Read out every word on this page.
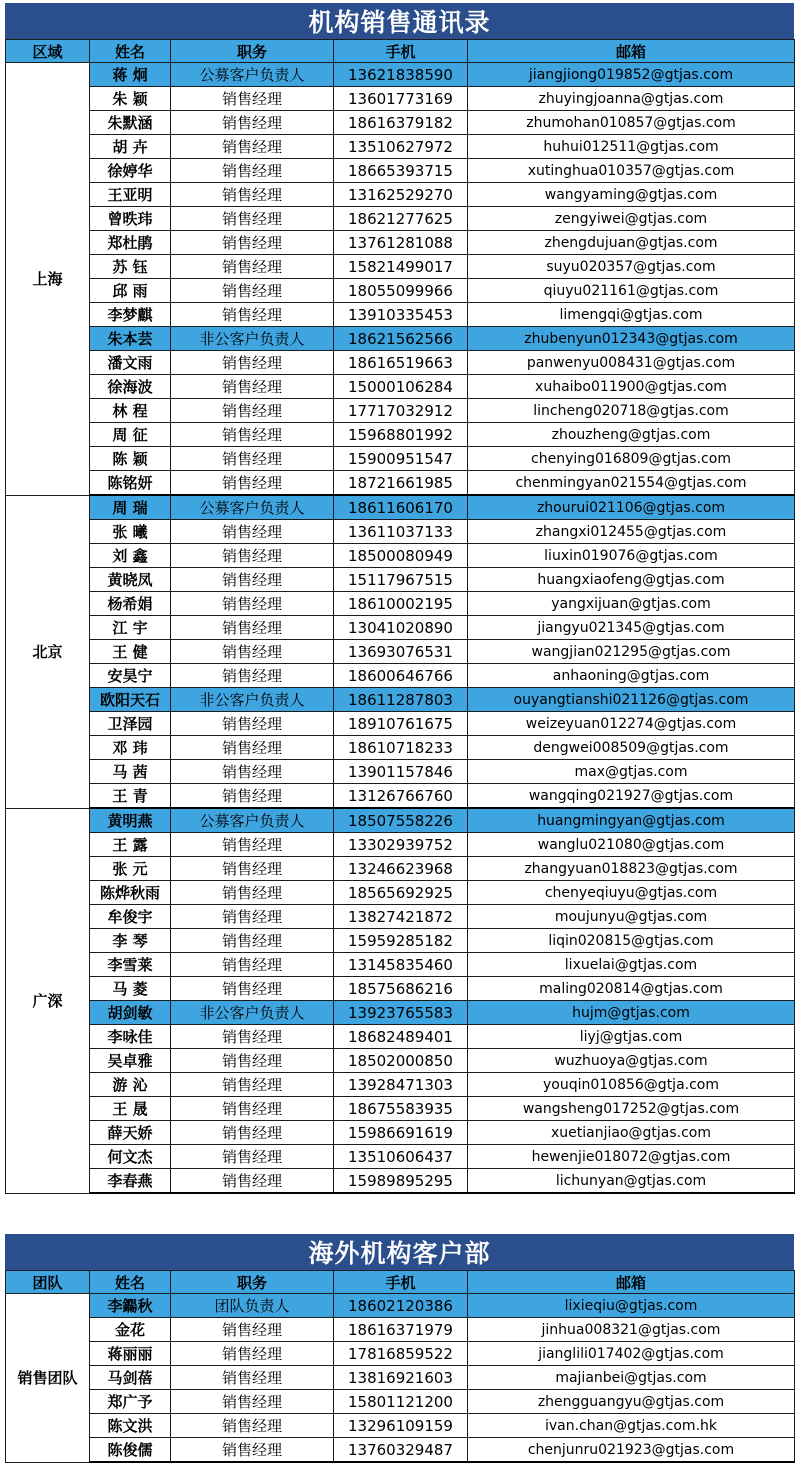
机构销售通讯录
区域	姓名	职务	手机	邮箱
上海	蒋 炯	公募客户负责人	13621838590	jiangjiong019852@gtjas.com
	朱 颖	销售经理	13601773169	zhuyingjoanna@gtjas.com
	朱默涵	销售经理	18616379182	zhumohan010857@gtjas.com
	胡 卉	销售经理	13510627972	huhui012511@gtjas.com
	徐婷华	销售经理	18665393715	xutinghua010357@gtjas.com
	王亚明	销售经理	13162529270	wangyaming@gtjas.com
	曾昳玮	销售经理	18621277625	zengyiwei@gtjas.com
	郑杜鹃	销售经理	13761281088	zhengdujuan@gtjas.com
	苏 钰	销售经理	15821499017	suyu020357@gtjas.com
	邱 雨	销售经理	18055099966	qiuyu021161@gtjas.com
	李梦麒	销售经理	13910335453	limengqi@gtjas.com
	朱本芸	非公客户负责人	18621562566	zhubenyun012343@gtjas.com
	潘文雨	销售经理	18616519663	panwenyu008431@gtjas.com
	徐海波	销售经理	15000106284	xuhaibo011900@gtjas.com
	林 程	销售经理	17717032912	lincheng020718@gtjas.com
	周 征	销售经理	15968801992	zhouzheng@gtjas.com
	陈 颖	销售经理	15900951547	chenying016809@gtjas.com
	陈铭妍	销售经理	18721661985	chenmingyan021554@gtjas.com
北京	周 瑞	公募客户负责人	18611606170	zhourui021106@gtjas.com
	张 曦	销售经理	13611037133	zhangxi012455@gtjas.com
	刘 鑫	销售经理	18500080949	liuxin019076@gtjas.com
	黄晓凤	销售经理	15117967515	huangxiaofeng@gtjas.com
	杨希娟	销售经理	18610002195	yangxijuan@gtjas.com
	江 宇	销售经理	13041020890	jiangyu021345@gtjas.com
	王 健	销售经理	13693076531	wangjian021295@gtjas.com
	安昊宁	销售经理	18600646766	anhaoning@gtjas.com
	欧阳天石	非公客户负责人	18611287803	ouyangtianshi021126@gtjas.com
	卫泽园	销售经理	18910761675	weizeyuan012274@gtjas.com
	邓 玮	销售经理	18610718233	dengwei008509@gtjas.com
	马 茜	销售经理	13901157846	max@gtjas.com
	王 青	销售经理	13126766760	wangqing021927@gtjas.com
广深	黄明燕	公募客户负责人	18507558226	huangmingyan@gtjas.com
	王 露	销售经理	13302939752	wanglu021080@gtjas.com
	张 元	销售经理	13246623968	zhangyuan018823@gtjas.com
	陈烨秋雨	销售经理	18565692925	chenyeqiuyu@gtjas.com
	牟俊宇	销售经理	13827421872	moujunyu@gtjas.com
	李 琴	销售经理	15959285182	liqin020815@gtjas.com
	李雪莱	销售经理	13145835460	lixuelai@gtjas.com
	马 菱	销售经理	18575686216	maling020814@gtjas.com
	胡剑敏	非公客户负责人	13923765583	hujm@gtjas.com
	李咏佳	销售经理	18682489401	liyj@gtjas.com
	吴卓雅	销售经理	18502000850	wuzhuoya@gtjas.com
	游 沁	销售经理	13928471303	youqin010856@gtja.com
	王 晟	销售经理	18675583935	wangsheng017252@gtjas.com
	薛天娇	销售经理	15986691619	xuetianjiao@gtjas.com
	何文杰	销售经理	13510606437	hewenjie018072@gtjas.com
	李春燕	销售经理	15989895295	lichunyan@gtjas.com
海外机构客户部
团队	姓名	职务	手机	邮箱
销售团队	李鐊秋	团队负责人	18602120386	lixieqiu@gtjas.com
	金花	销售经理	18616371979	jinhua008321@gtjas.com
	蒋丽丽	销售经理	17816859522	jianglili017402@gtjas.com
	马剑蓓	销售经理	13816921603	majianbei@gtjas.com
	郑广予	销售经理	15801121200	zhengguangyu@gtjas.com
	陈文洪	销售经理	13296109159	ivan.chan@gtjas.com.hk
	陈俊儒	销售经理	13760329487	chenjunru021923@gtjas.com
